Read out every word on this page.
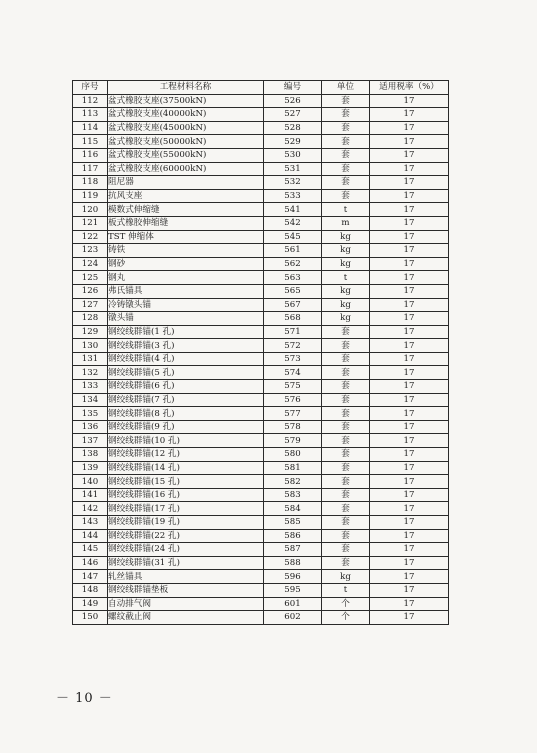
序号	工程材料名称	编号	单位	适用税率（%）
112	盆式橡胶支座(37500kN)	526	套	17
113	盆式橡胶支座(40000kN)	527	套	17
114	盆式橡胶支座(45000kN)	528	套	17
115	盆式橡胶支座(50000kN)	529	套	17
116	盆式橡胶支座(55000kN)	530	套	17
117	盆式橡胶支座(60000kN)	531	套	17
118	阻尼器	532	套	17
119	抗风支座	533	套	17
120	模数式伸缩缝	541	t	17
121	板式橡胶伸缩缝	542	m	17
122	TST 伸缩体	545	kg	17
123	铸铁	561	kg	17
124	钢砂	562	kg	17
125	钢丸	563	t	17
126	弗氏锚具	565	kg	17
127	冷铸镦头锚	567	kg	17
128	镦头锚	568	kg	17
129	钢绞线群锚(1 孔)	571	套	17
130	钢绞线群锚(3 孔)	572	套	17
131	钢绞线群锚(4 孔)	573	套	17
132	钢绞线群锚(5 孔)	574	套	17
133	钢绞线群锚(6 孔)	575	套	17
134	钢绞线群锚(7 孔)	576	套	17
135	钢绞线群锚(8 孔)	577	套	17
136	钢绞线群锚(9 孔)	578	套	17
137	钢绞线群锚(10 孔)	579	套	17
138	钢绞线群锚(12 孔)	580	套	17
139	钢绞线群锚(14 孔)	581	套	17
140	钢绞线群锚(15 孔)	582	套	17
141	钢绞线群锚(16 孔)	583	套	17
142	钢绞线群锚(17 孔)	584	套	17
143	钢绞线群锚(19 孔)	585	套	17
144	钢绞线群锚(22 孔)	586	套	17
145	钢绞线群锚(24 孔)	587	套	17
146	钢绞线群锚(31 孔)	588	套	17
147	轧丝锚具	596	kg	17
148	钢绞线群锚垫板	595	t	17
149	自动排气阀	601	个	17
150	螺纹截止阀	602	个	17
－ 10 －
